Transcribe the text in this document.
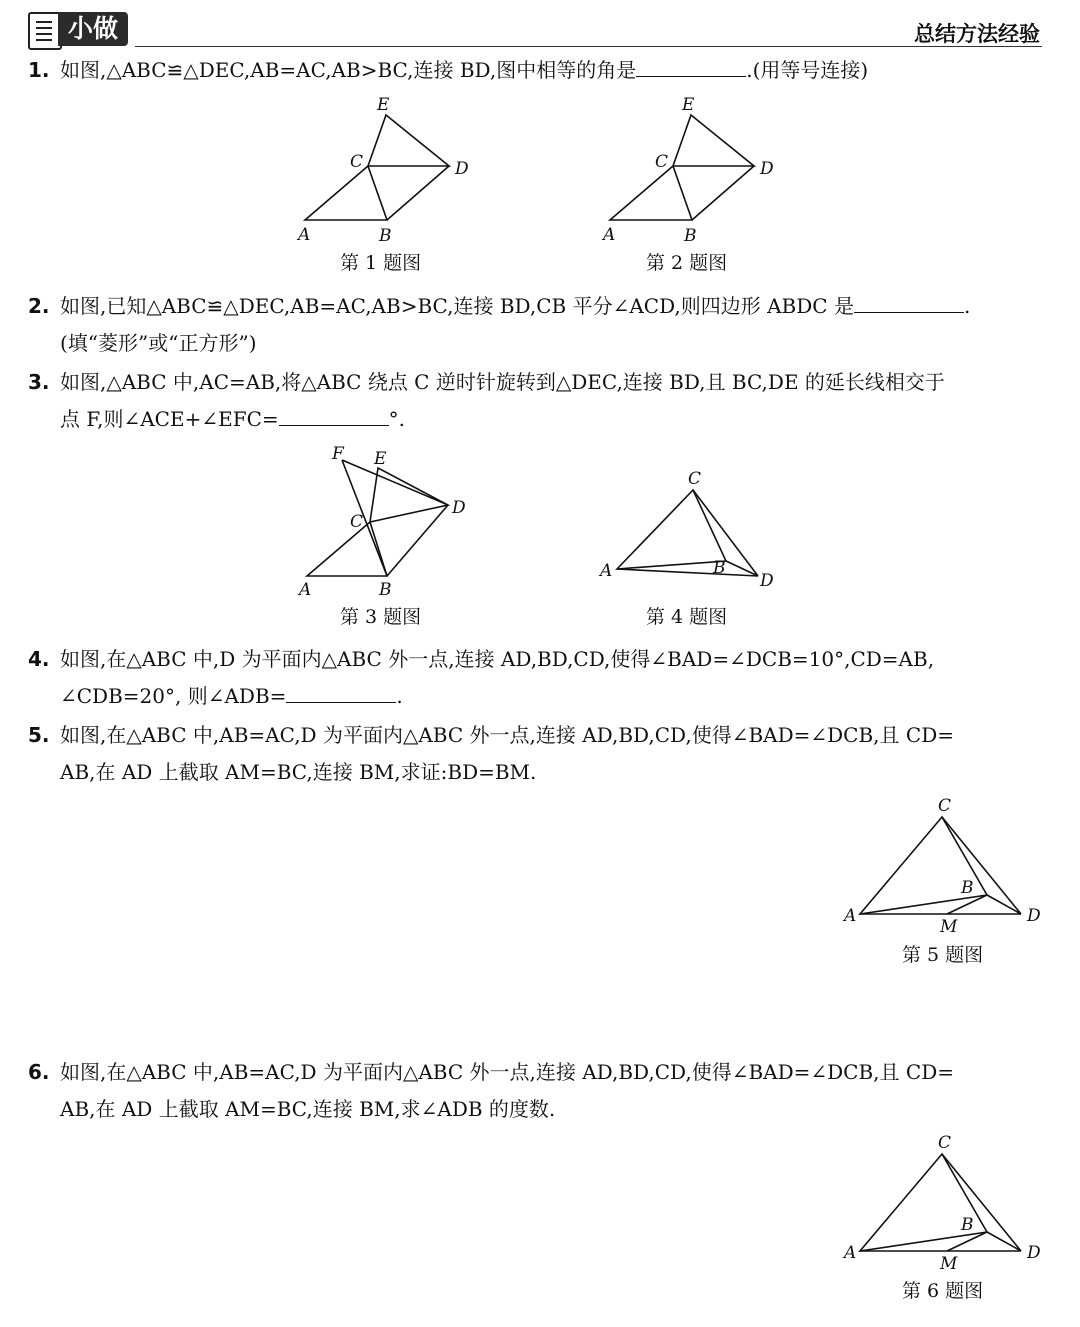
小做	总结方法经验
1. 如图,△ABC≌△DEC,AB=AC,AB>BC,连接 BD,图中相等的角是	.(用等号连接)
A	B
C	D
E
第 1 题图
A	B
C	D
E
第 2 题图
2. 如图,已知△ABC≌△DEC,AB=AC,AB>BC,连接 BD,CB 平分∠ACD,则四边形 ABDC 是	.
(填“菱形”或“正方形”)
3. 如图,△ABC 中,AC=AB,将△ABC 绕点 C 逆时针旋转到△DEC,连接 BD,且 BC,DE 的延长线相交于
点 F,则∠ACE+∠EFC=	°.
A	B
C
D
E
F
第 3 题图
A	B
C
D
第 4 题图
4. 如图,在△ABC 中,D 为平面内△ABC 外一点,连接 AD,BD,CD,使得∠BAD=∠DCB=10°,CD=AB,
∠CDB=20°, 则∠ADB=	.
5. 如图,在△ABC 中,AB=AC,D 为平面内△ABC 外一点,连接 AD,BD,CD,使得∠BAD=∠DCB,且 CD=
AB,在 AD 上截取 AM=BC,连接 BM,求证:BD=BM.
A
B
C
D
M
第 5 题图
6. 如图,在△ABC 中,AB=AC,D 为平面内△ABC 外一点,连接 AD,BD,CD,使得∠BAD=∠DCB,且 CD=
AB,在 AD 上截取 AM=BC,连接 BM,求∠ADB 的度数.
A
B
C
D
M
第 6 题图
